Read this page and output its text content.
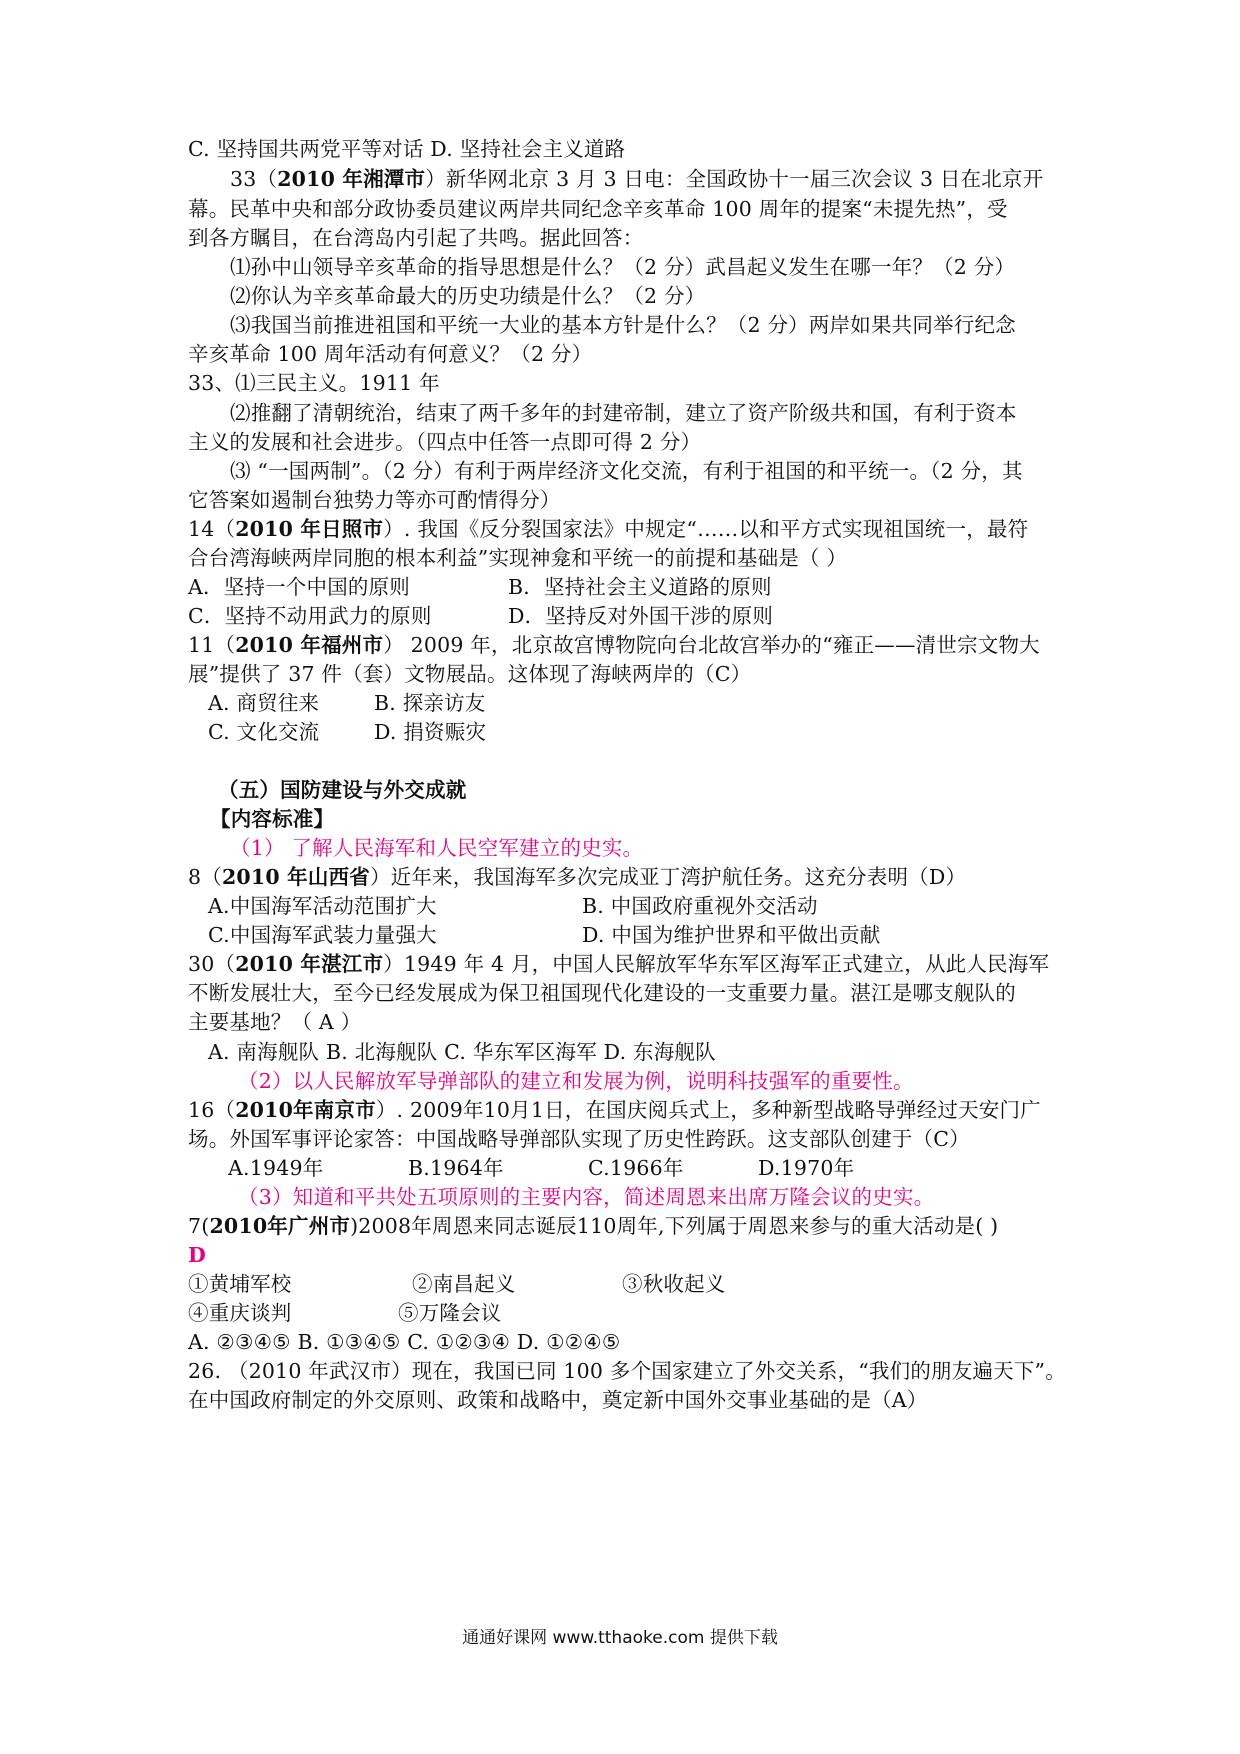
C. 坚持国共两党平等对话 D. 坚持社会主义道路
33（2010 年湘潭市）新华网北京 3 月 3 日电：全国政协十一届三次会议 3 日在北京开
幕。民革中央和部分政协委员建议两岸共同纪念辛亥革命 100 周年的提案“未提先热”，受
到各方瞩目，在台湾岛内引起了共鸣。据此回答：
⑴孙中山领导辛亥革命的指导思想是什么？（2 分）武昌起义发生在哪一年？（2 分）
⑵你认为辛亥革命最大的历史功绩是什么？（2 分）
⑶我国当前推进祖国和平统一大业的基本方针是什么？（2 分）两岸如果共同举行纪念
辛亥革命 100 周年活动有何意义？（2 分）
33、⑴三民主义。1911 年
⑵推翻了清朝统治，结束了两千多年的封建帝制，建立了资产阶级共和国，有利于资本
主义的发展和社会进步。（四点中任答一点即可得 2 分）
⑶ “一国两制”。（2 分）有利于两岸经济文化交流，有利于祖国的和平统一。（2 分，其
它答案如遏制台独势力等亦可酌情得分）
14（2010 年日照市）. 我国《反分裂国家法》中规定“……以和平方式实现祖国统一，最符
合台湾海峡两岸同胞的根本利益”实现神龛和平统一的前提和基础是（ ）
A．坚持一个中国的原则	B．坚持社会主义道路的原则
C．坚持不动用武力的原则	D．坚持反对外国干涉的原则
11（2010 年福州市） 2009 年，北京故宫博物院向台北故宫举办的“雍正——清世宗文物大
展”提供了 37 件（套）文物展品。这体现了海峡两岸的（C）
A. 商贸往来	B. 探亲访友
C. 文化交流	D. 捐资赈灾
（五）国防建设与外交成就
【内容标准】
（1） 了解人民海军和人民空军建立的史实。
8（2010 年山西省）近年来，我国海军多次完成亚丁湾护航任务。这充分表明（D）
A.中国海军活动范围扩大	B. 中国政府重视外交活动
C.中国海军武装力量强大	D. 中国为维护世界和平做出贡献
30（2010 年湛江市）1949 年 4 月，中国人民解放军华东军区海军正式建立，从此人民海军
不断发展壮大，至今已经发展成为保卫祖国现代化建设的一支重要力量。湛江是哪支舰队的
主要基地？（ A ）
A. 南海舰队 B. 北海舰队 C. 华东军区海军 D. 东海舰队
（2）以人民解放军导弹部队的建立和发展为例，说明科技强军的重要性。
16（2010年南京市）. 2009年10月1日，在国庆阅兵式上，多种新型战略导弹经过天安门广
场。外国军事评论家答：中国战略导弹部队实现了历史性跨跃。这支部队创建于（C）
A.1949年	B.1964年	C.1966年	D.1970年
（3）知道和平共处五项原则的主要内容，简述周恩来出席万隆会议的史实。
7(2010年广州市)2008年周恩来同志诞辰110周年,下列属于周恩来参与的重大活动是( )
D
①黄埔军校	②南昌起义	③秋收起义
④重庆谈判	⑤万隆会议
A. ②③④⑤ B. ①③④⑤ C. ①②③④ D. ①②④⑤
26. （2010 年武汉市）现在，我国已同 100 多个国家建立了外交关系，“我们的朋友遍天下”。
在中国政府制定的外交原则、政策和战略中，奠定新中国外交事业基础的是（A）
通通好课网 www.tthaoke.com 提供下载
